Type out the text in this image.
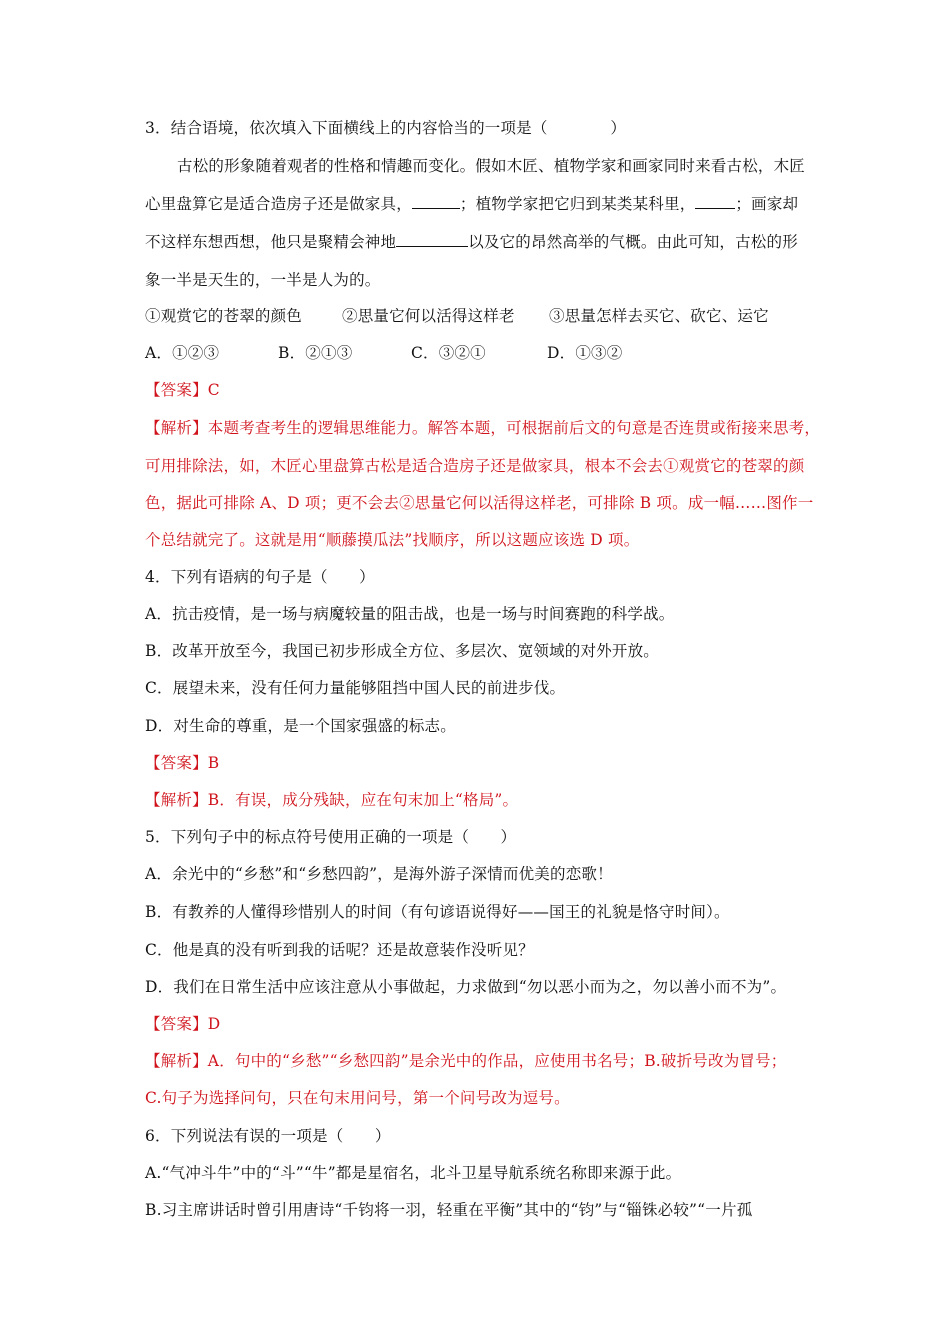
3．结合语境，依次填入下面横线上的内容恰当的一项是（　　　　）
古松的形象随着观者的性格和情趣而变化。假如木匠、植物学家和画家同时来看古松，木匠
心里盘算它是适合造房子还是做家具，	；植物学家把它归到某类某科里，	；画家却
不这样东想西想，他只是聚精会神地	以及它的昂然高举的气概。由此可知，古松的形
象一半是天生的，一半是人为的。
①观赏它的苍翠的颜色	②思量它何以活得这样老 ③思量怎样去买它、砍它、运它
A．①②③	B．②①③	C．③②①	D．①③②
【答案】C
【解析】本题考查考生的逻辑思维能力。解答本题，可根据前后文的句意是否连贯或衔接来思考，
可用排除法，如，木匠心里盘算古松是适合造房子还是做家具，根本不会去①观赏它的苍翠的颜
色，据此可排除 A、D 项；更不会去②思量它何以活得这样老，可排除 B 项。成一幅……图作一
个总结就完了。这就是用“顺藤摸瓜法”找顺序，所以这题应该选 D 项。
4．下列有语病的句子是（　　）
A．抗击疫情，是一场与病魔较量的阻击战，也是一场与时间赛跑的科学战。
B．改革开放至今，我国已初步形成全方位、多层次、宽领域的对外开放。
C．展望未来，没有任何力量能够阻挡中国人民的前进步伐。
D．对生命的尊重，是一个国家强盛的标志。
【答案】B
【解析】B．有误，成分残缺，应在句末加上“格局”。
5．下列句子中的标点符号使用正确的一项是（　　）
A．余光中的“乡愁”和“乡愁四韵”，是海外游子深情而优美的恋歌！
B．有教养的人懂得珍惜别人的时间（有句谚语说得好——国王的礼貌是恪守时间）。
C．他是真的没有听到我的话呢？还是故意装作没听见？
D．我们在日常生活中应该注意从小事做起，力求做到“勿以恶小而为之，勿以善小而不为”。
【答案】D
【解析】A．句中的“乡愁”“乡愁四韵”是余光中的作品，应使用书名号；B.破折号改为冒号；
C.句子为选择问句，只在句末用问号，第一个问号改为逗号。
6．下列说法有误的一项是（　　）
A.“气冲斗牛”中的“斗”“牛”都是星宿名，北斗卫星导航系统名称即来源于此。
B.习主席讲话时曾引用唐诗“千钧将一羽，轻重在平衡”其中的“钧”与“锱铢必较”“一片孤
